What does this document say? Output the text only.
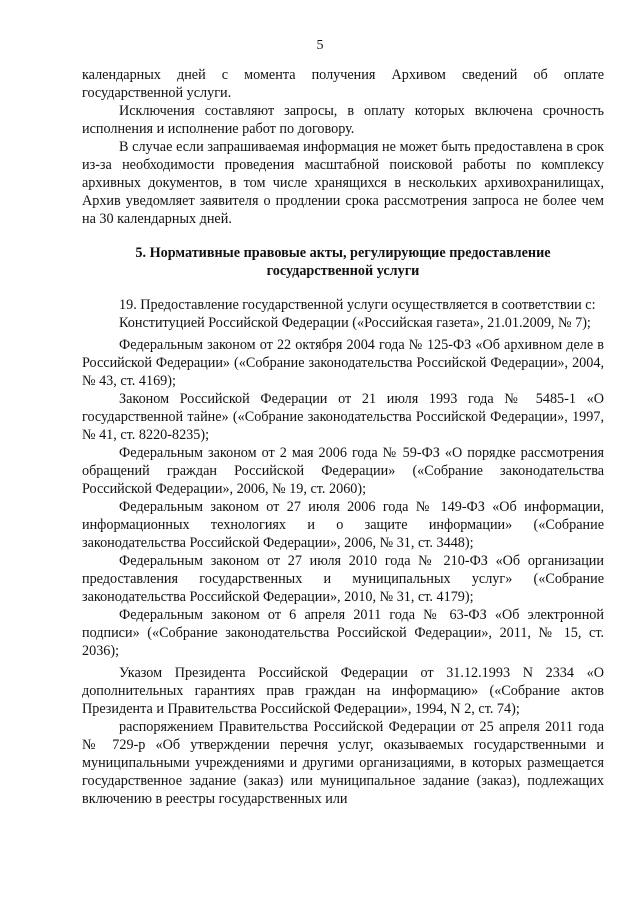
5

календарных дней с момента получения Архивом сведений об оплате государственной услуги.

Исключения составляют запросы, в оплату которых включена срочность исполнения и исполнение работ по договору.

В случае если запрашиваемая информация не может быть предоставлена в срок из-за необходимости проведения масштабной поисковой работы по комплексу архивных документов, в том числе хранящихся в нескольких архивохранилищах, Архив уведомляет заявителя о продлении срока рассмотрения запроса не более чем на 30 календарных дней.

5. Нормативные правовые акты, регулирующие предоставление государственной услуги

19. Предоставление государственной услуги осуществляется в соответствии с:

Конституцией Российской Федерации («Российская газета», 21.01.2009, № 7);

Федеральным законом от 22 октября 2004 года № 125-ФЗ «Об архивном деле в Российской Федерации» («Собрание законодательства Российской Федерации», 2004, № 43, ст. 4169);

Законом Российской Федерации от 21 июля 1993 года № 5485-1 «О государственной тайне» («Собрание законодательства Российской Федерации», 1997, № 41, ст. 8220-8235);

Федеральным законом от 2 мая 2006 года № 59-ФЗ «О порядке рассмотрения обращений граждан Российской Федерации» («Собрание законодательства Российской Федерации», 2006, № 19, ст. 2060);

Федеральным законом от 27 июля 2006 года № 149-ФЗ «Об информации, информационных технологиях и о защите информации» («Собрание законодательства Российской Федерации», 2006, № 31, ст. 3448);

Федеральным законом от 27 июля 2010 года № 210-ФЗ «Об организации предоставления государственных и муниципальных услуг» («Собрание законодательства Российской Федерации», 2010, № 31, ст. 4179);

Федеральным законом от 6 апреля 2011 года № 63-ФЗ «Об электронной подписи» («Собрание законодательства Российской Федерации», 2011, № 15, ст. 2036);

Указом Президента Российской Федерации от 31.12.1993 N 2334 «О дополнительных гарантиях прав граждан на информацию» («Собрание актов Президента и Правительства Российской Федерации», 1994, N 2, ст. 74);

распоряжением Правительства Российской Федерации от 25 апреля 2011 года № 729-р «Об утверждении перечня услуг, оказываемых государственными и муниципальными учреждениями и другими организациями, в которых размещается государственное задание (заказ) или муниципальное задание (заказ), подлежащих включению в реестры государственных или
